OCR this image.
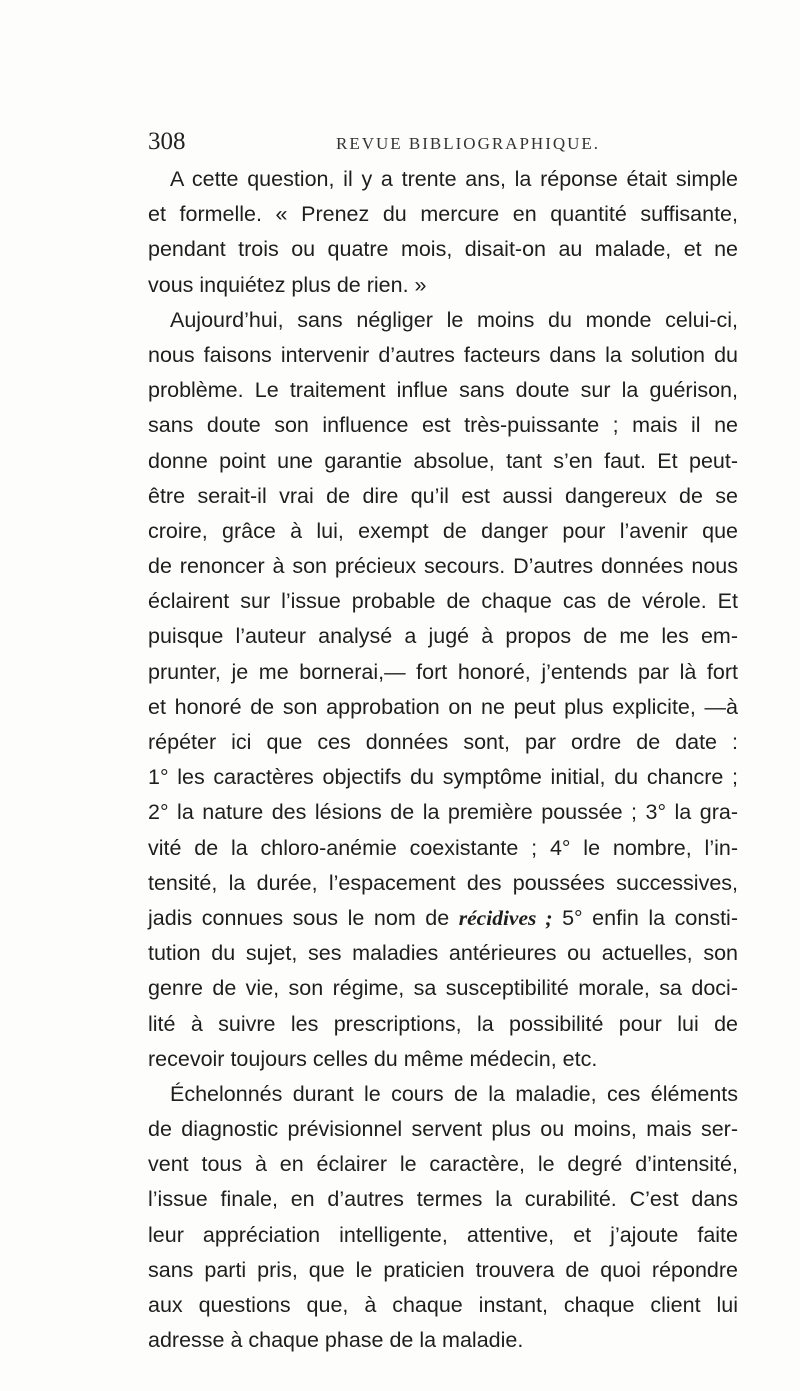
308	REVUE BIBLIOGRAPHIQUE.
A cette question, il y a trente ans, la réponse était simple
et formelle. « Prenez du mercure en quantité suffisante,
pendant trois ou quatre mois, disait-on au malade, et ne
vous inquiétez plus de rien. »
Aujourd’hui, sans négliger le moins du monde celui-ci,
nous faisons intervenir d’autres facteurs dans la solution du
problème. Le traitement influe sans doute sur la guérison,
sans doute son influence est très-puissante ; mais il ne
donne point une garantie absolue, tant s’en faut. Et peut-
être serait-il vrai de dire qu’il est aussi dangereux de se
croire, grâce à lui, exempt de danger pour l’avenir que
de renoncer à son précieux secours. D’autres données nous
éclairent sur l’issue probable de chaque cas de vérole. Et
puisque l’auteur analysé a jugé à propos de me les em-
prunter, je me bornerai,— fort honoré, j’entends par là fort
et honoré de son approbation on ne peut plus explicite, —à
répéter ici que ces données sont, par ordre de date :
1° les caractères objectifs du symptôme initial, du chancre ;
2° la nature des lésions de la première poussée ; 3° la gra-
vité de la chloro-anémie coexistante ; 4° le nombre, l’in-
tensité, la durée, l’espacement des poussées successives,
jadis connues sous le nom de récidives ; 5° enfin la consti-
tution du sujet, ses maladies antérieures ou actuelles, son
genre de vie, son régime, sa susceptibilité morale, sa doci-
lité à suivre les prescriptions, la possibilité pour lui de
recevoir toujours celles du même médecin, etc.
Échelonnés durant le cours de la maladie, ces éléments
de diagnostic prévisionnel servent plus ou moins, mais ser-
vent tous à en éclairer le caractère, le degré d’intensité,
l’issue finale, en d’autres termes la curabilité. C’est dans
leur appréciation intelligente, attentive, et j’ajoute faite
sans parti pris, que le praticien trouvera de quoi répondre
aux questions que, à chaque instant, chaque client lui
adresse à chaque phase de la maladie.
